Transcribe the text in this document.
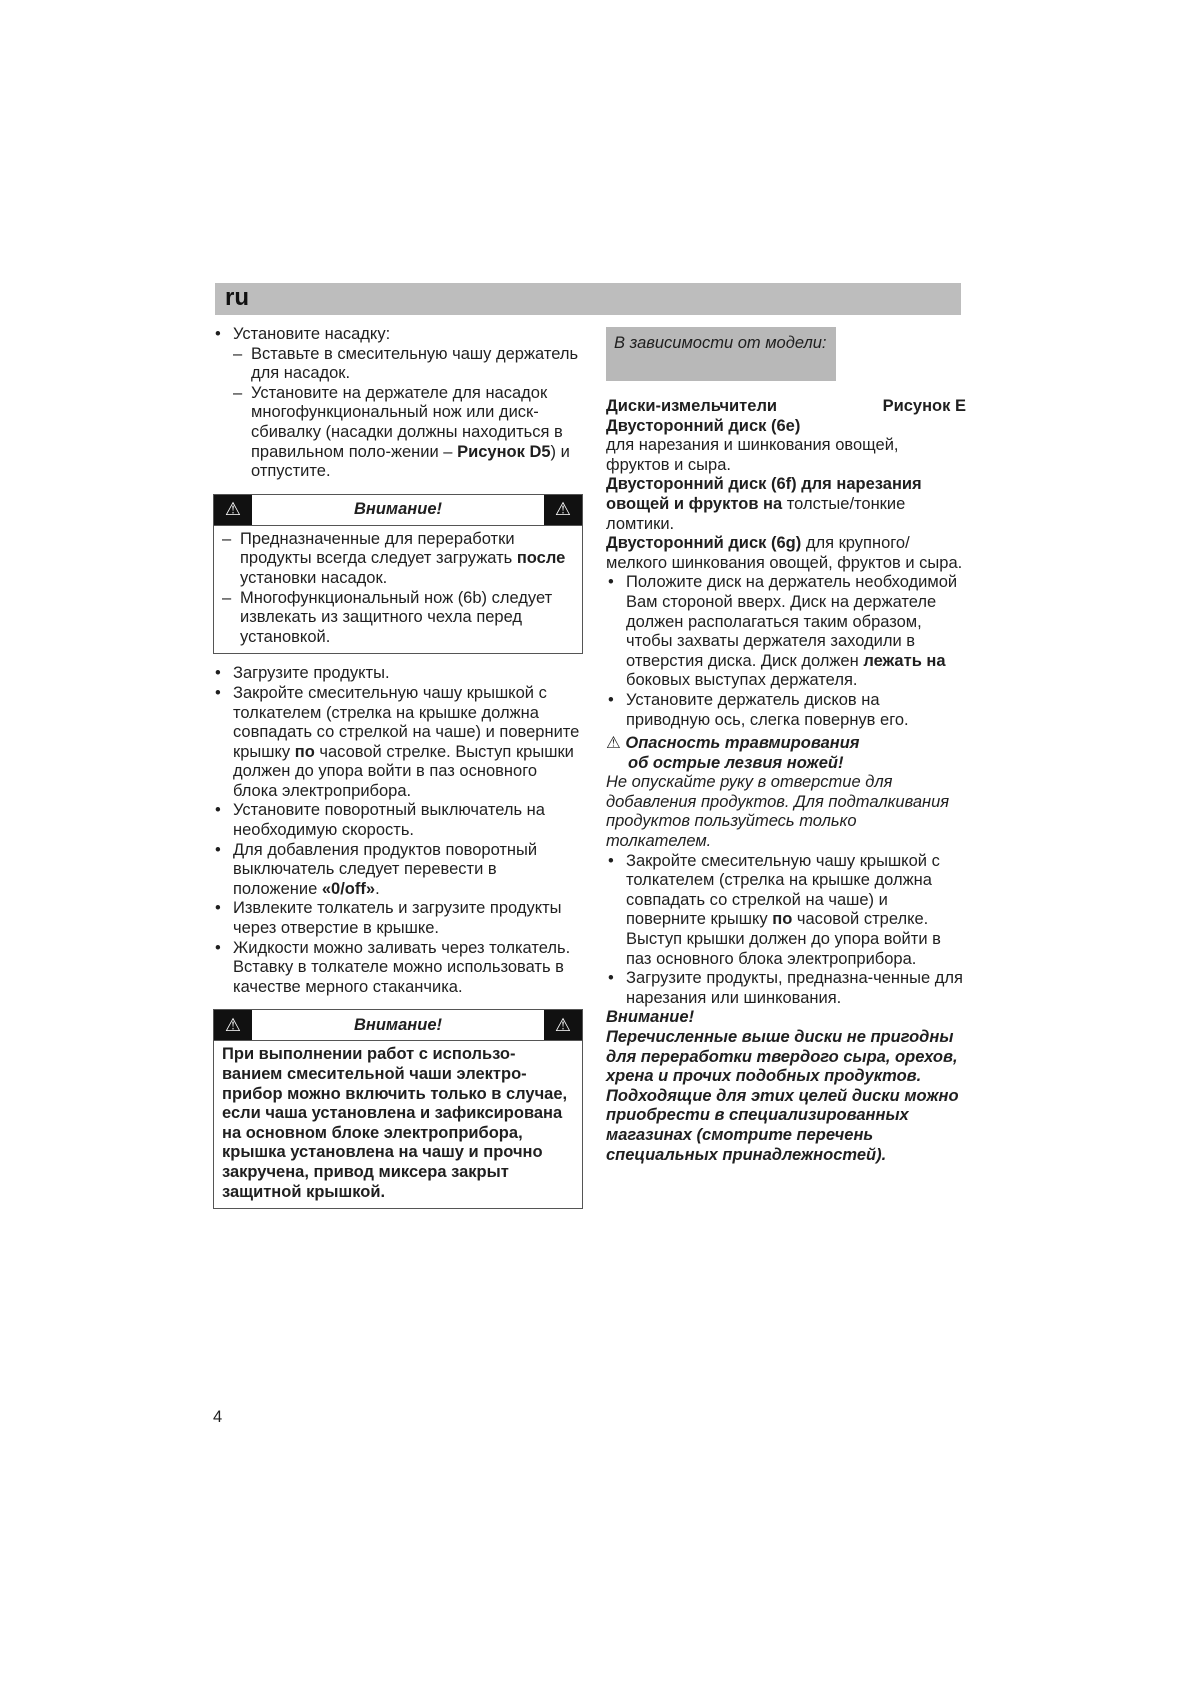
ru

• Установите насадку:

– Вставьте в смесительную чашу держатель для насадок.

– Установите на держателе для насадок многофункциональный нож или диск-сбивалку (насадки должны находиться в правильном поло-жении – Рисунок D5) и отпустите.

⚠	Внимание!	⚠

– Предназначенные для переработки продукты всегда следует загружать после установки насадок.

– Многофункциональный нож (6b) следует извлекать из защитного чехла перед установкой.

• Загрузите продукты.

• Закройте смесительную чашу крышкой с толкателем (стрелка на крышке должна совпадать со стрелкой на чаше) и поверните крышку по часовой стрелке. Выступ крышки должен до упора войти в паз основного блока электроприбора.

• Установите поворотный выключатель на необходимую скорость.

• Для добавления продуктов поворотный выключатель следует перевести в положение «0/off».

• Извлеките толкатель и загрузите продукты через отверстие в крышке.

• Жидкости можно заливать через толкатель. Вставку в толкателе можно использовать в качестве мерного стаканчика.

⚠	Внимание!	⚠

При выполнении работ с использо-ванием смесительной чаши электро-прибор можно включить только в случае, если чаша установлена и зафиксирована на основном блоке электроприбора, крышка установлена на чашу и прочно закручена, привод миксера закрыт защитной крышкой.

В зависимости от модели:

Диски-измельчители	Рисунок E

Двусторонний диск (6e)

для нарезания и шинкования овощей, фруктов и сыра.

Двусторонний диск (6f) для нарезания овощей и фруктов на толстые/тонкие ломтики.

Двусторонний диск (6g) для крупного/мелкого шинкования овощей, фруктов и сыра.

• Положите диск на держатель необходимой Вам стороной вверх. Диск на держателе должен располагаться таким образом, чтобы захваты держателя заходили в отверстия диска. Диск должен лежать на боковых выступах держателя.

• Установите держатель дисков на приводную ось, слегка повернув его.

⚠ Опасность травмирования
об острые лезвия ножей!

Не опускайте руку в отверстие для добавления продуктов. Для подталкивания продуктов пользуйтесь только толкателем.

• Закройте смесительную чашу крышкой с толкателем (стрелка на крышке должна совпадать со стрелкой на чаше) и поверните крышку по часовой стрелке. Выступ крышки должен до упора войти в паз основного блока электроприбора.

• Загрузите продукты, предназна-ченные для нарезания или шинкования.

Внимание!

Перечисленные выше диски не пригодны для переработки твердого сыра, орехов, хрена и прочих подобных продуктов. Подходящие для этих целей диски можно приобрести в специализированных магазинах (смотрите перечень специальных принадлежностей).

4
